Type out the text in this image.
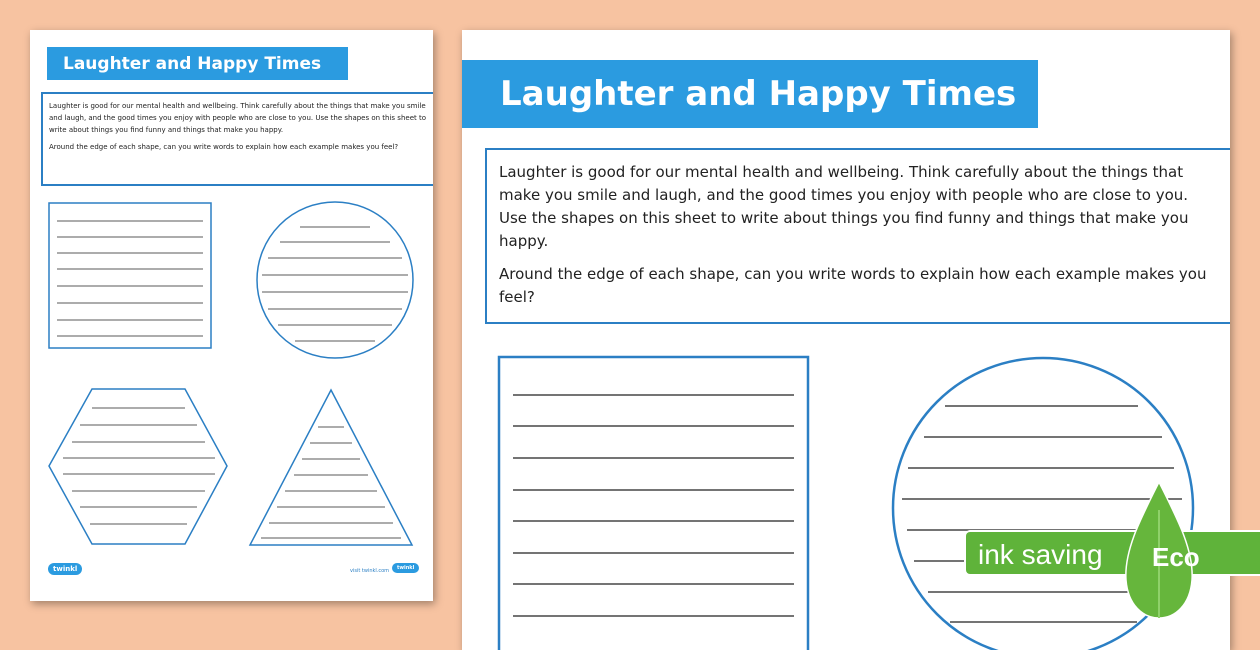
Laughter and Happy Times

Laughter is good for our mental health and wellbeing. Think carefully about the things that make you smile and laugh, and the good times you enjoy with people who are close to you. Use the shapes on this sheet to write about things you find funny and things that make you happy.

Around the edge of each shape, can you write words to explain how each example makes you feel?

twinkl	visit twinkl.com	twinkl
Laughter and Happy Times

Laughter is good for our mental health and wellbeing. Think carefully about the things that make you smile and laugh, and the good times you enjoy with people who are close to you. Use the shapes on this sheet to write about things you find funny and things that make you happy.

Around the edge of each shape, can you write words to explain how each example makes you feel?

ink saving Eco
